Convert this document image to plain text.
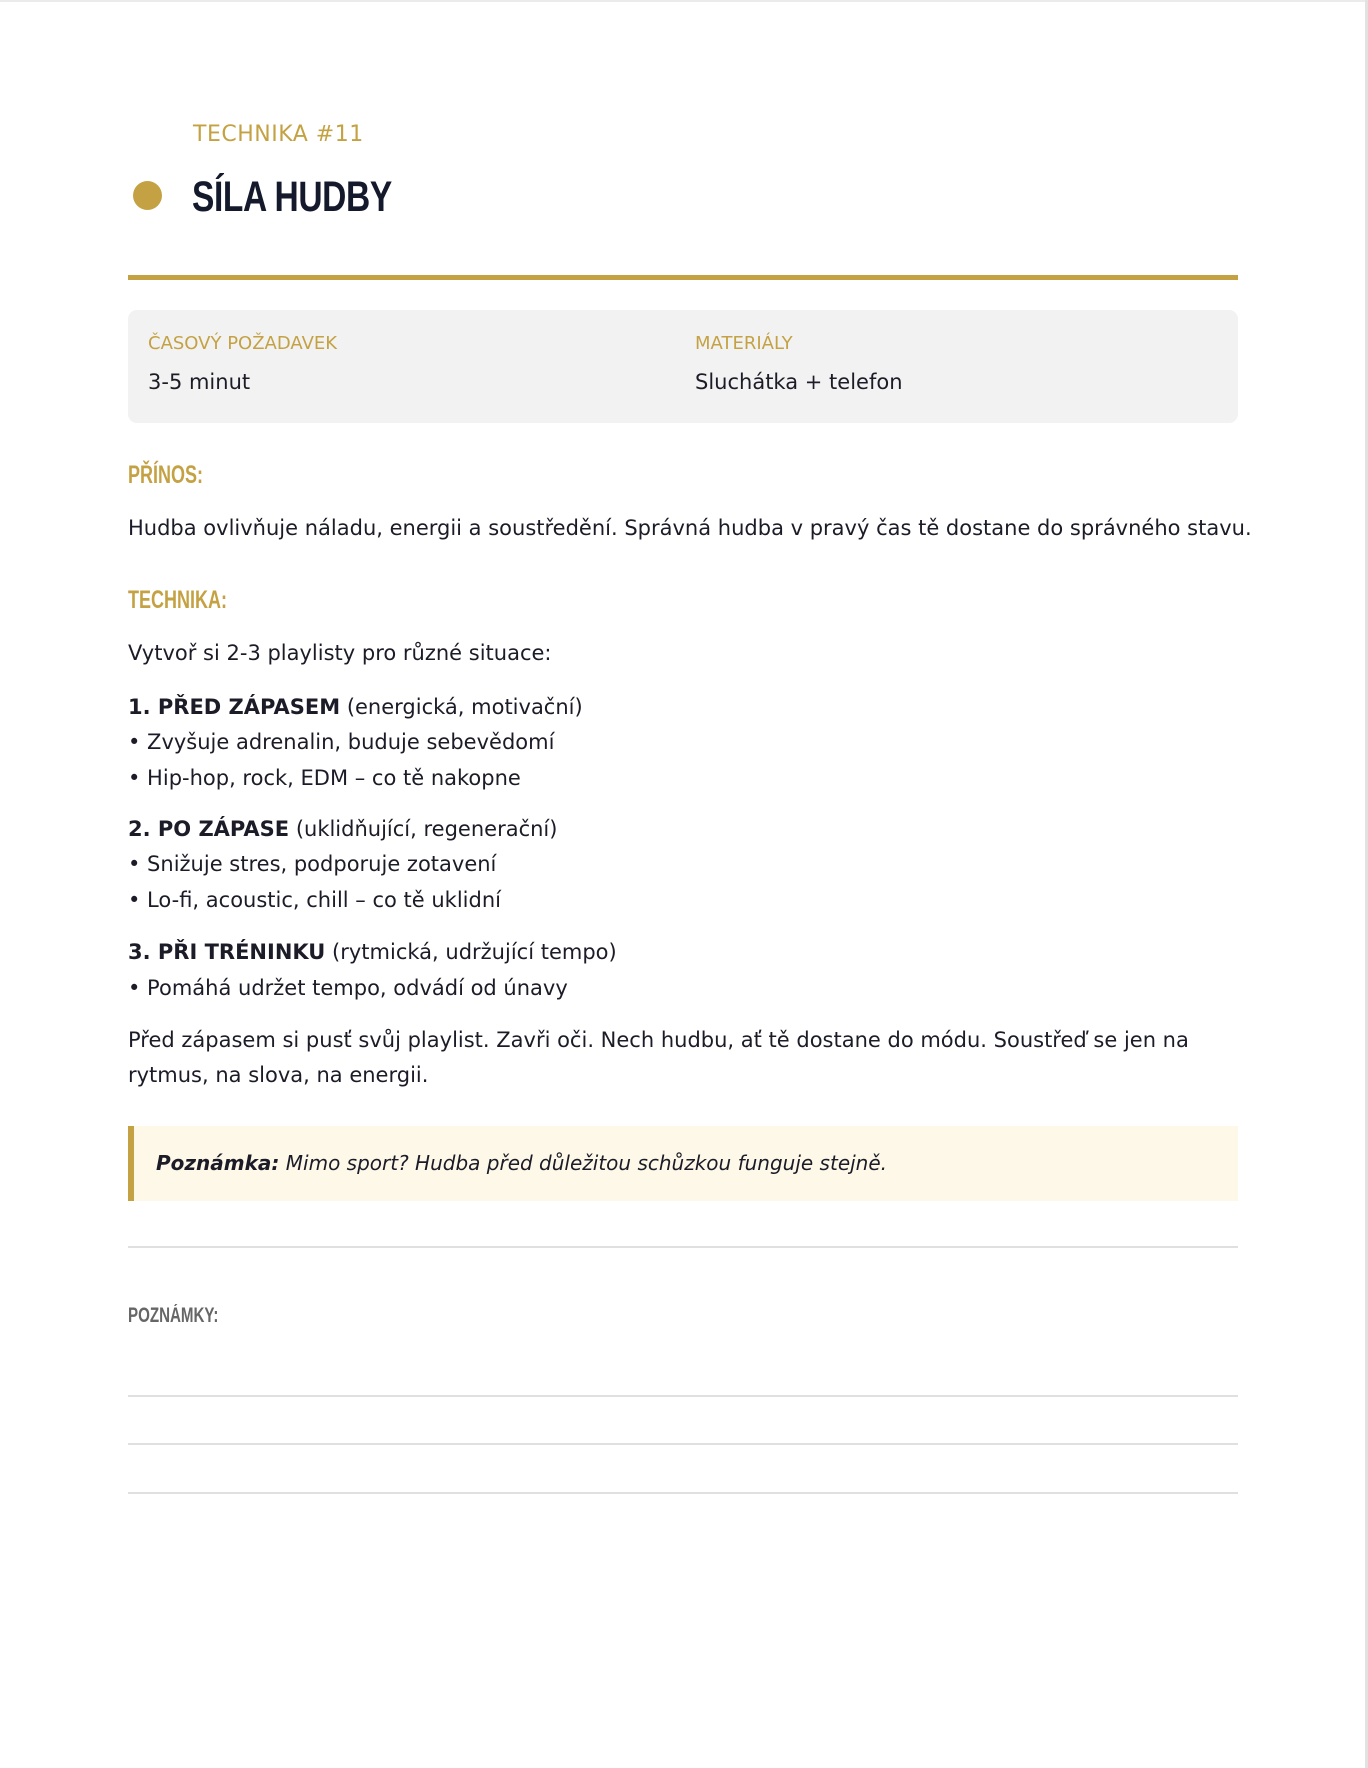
TECHNIKA #11
SÍLA HUDBY
ČASOVÝ POŽADAVEK
3-5 minut
MATERIÁLY
Sluchátka + telefon
PŘÍNOS:
Hudba ovlivňuje náladu, energii a soustředění. Správná hudba v pravý čas tě dostane do správného stavu.
TECHNIKA:
Vytvoř si 2-3 playlisty pro různé situace:
1. PŘED ZÁPASEM (energická, motivační)
• Zvyšuje adrenalin, buduje sebevědomí
• Hip-hop, rock, EDM – co tě nakopne
2. PO ZÁPASE (uklidňující, regenerační)
• Snižuje stres, podporuje zotavení
• Lo-fi, acoustic, chill – co tě uklidní
3. PŘI TRÉNINKU (rytmická, udržující tempo)
• Pomáhá udržet tempo, odvádí od únavy
Před zápasem si pusť svůj playlist. Zavři oči. Nech hudbu, ať tě dostane do módu. Soustřeď se jen na rytmus, na slova, na energii.
Poznámka: Mimo sport? Hudba před důležitou schůzkou funguje stejně.
POZNÁMKY:
